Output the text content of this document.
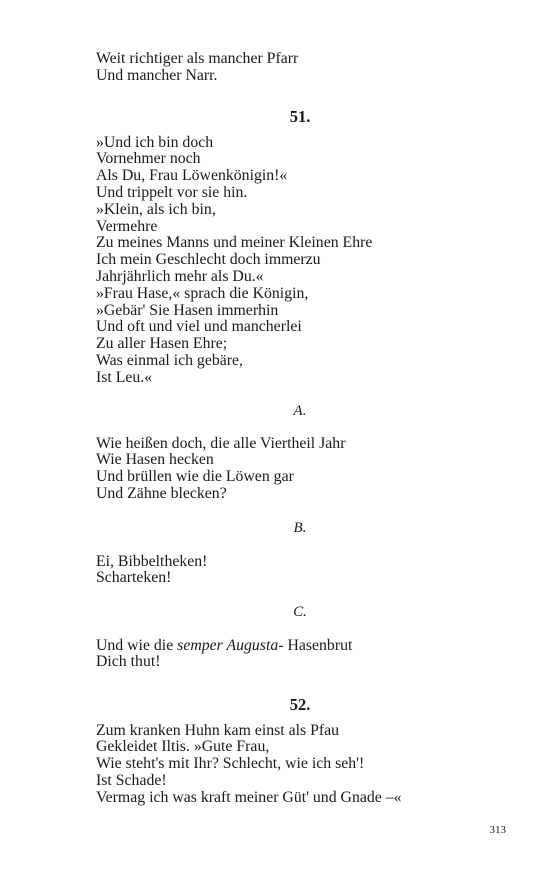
Weit richtiger als mancher Pfarr
Und mancher Narr.
51.
»Und ich bin doch
Vornehmer noch
Als Du, Frau Löwenkönigin!«
Und trippelt vor sie hin.
»Klein, als ich bin,
Vermehre
Zu meines Manns und meiner Kleinen Ehre
Ich mein Geschlecht doch immerzu
Jahrjährlich mehr als Du.«
»Frau Hase,« sprach die Königin,
»Gebär' Sie Hasen immerhin
Und oft und viel und mancherlei
Zu aller Hasen Ehre;
Was einmal ich gebäre,
Ist Leu.«
A.
Wie heißen doch, die alle Viertheil Jahr
Wie Hasen hecken
Und brüllen wie die Löwen gar
Und Zähne blecken?
B.
Ei, Bibbeltheken!
Scharteken!
C.
Und wie die semper Augusta- Hasenbrut
Dich thut!
52.
Zum kranken Huhn kam einst als Pfau
Gekleidet Iltis. »Gute Frau,
Wie steht's mit Ihr? Schlecht, wie ich seh'!
Ist Schade!
Vermag ich was kraft meiner Güt' und Gnade –«
313
